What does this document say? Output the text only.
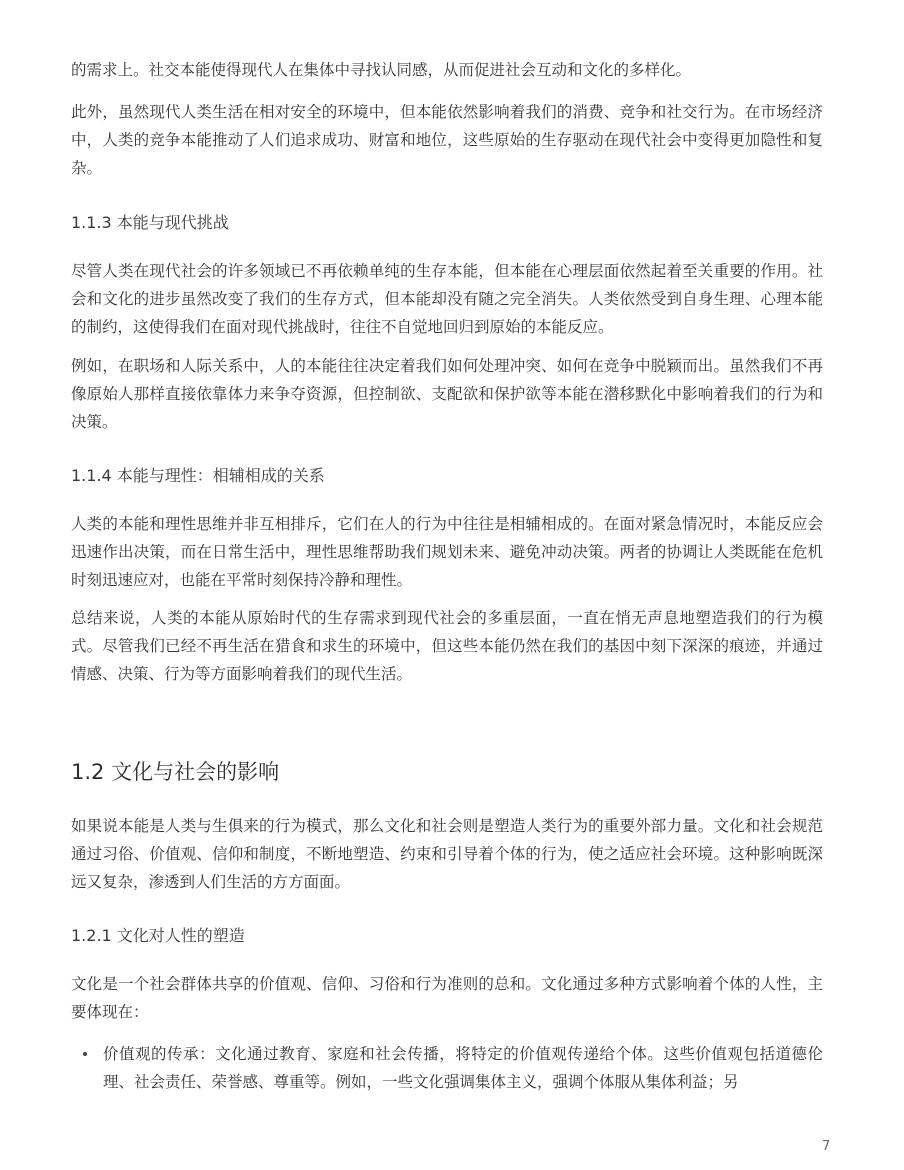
的需求上。社交本能使得现代人在集体中寻找认同感，从而促进社会互动和文化的多样化。

此外，虽然现代人类生活在相对安全的环境中，但本能依然影响着我们的消费、竞争和社交行为。在市场经济中，人类的竞争本能推动了人们追求成功、财富和地位，这些原始的生存驱动在现代社会中变得更加隐性和复杂。

1.1.3 本能与现代挑战

尽管人类在现代社会的许多领域已不再依赖单纯的生存本能，但本能在心理层面依然起着至关重要的作用。社会和文化的进步虽然改变了我们的生存方式，但本能却没有随之完全消失。人类依然受到自身生理、心理本能的制约，这使得我们在面对现代挑战时，往往不自觉地回归到原始的本能反应。

例如，在职场和人际关系中，人的本能往往决定着我们如何处理冲突、如何在竞争中脱颖而出。虽然我们不再像原始人那样直接依靠体力来争夺资源，但控制欲、支配欲和保护欲等本能在潜移默化中影响着我们的行为和决策。

1.1.4 本能与理性：相辅相成的关系

人类的本能和理性思维并非互相排斥，它们在人的行为中往往是相辅相成的。在面对紧急情况时，本能反应会迅速作出决策，而在日常生活中，理性思维帮助我们规划未来、避免冲动决策。两者的协调让人类既能在危机时刻迅速应对，也能在平常时刻保持冷静和理性。

总结来说，人类的本能从原始时代的生存需求到现代社会的多重层面，一直在悄无声息地塑造我们的行为模式。尽管我们已经不再生活在猎食和求生的环境中，但这些本能仍然在我们的基因中刻下深深的痕迹，并通过情感、决策、行为等方面影响着我们的现代生活。

1.2 文化与社会的影响

如果说本能是人类与生俱来的行为模式，那么文化和社会则是塑造人类行为的重要外部力量。文化和社会规范通过习俗、价值观、信仰和制度，不断地塑造、约束和引导着个体的行为，使之适应社会环境。这种影响既深远又复杂，渗透到人们生活的方方面面。

1.2.1 文化对人性的塑造

文化是一个社会群体共享的价值观、信仰、习俗和行为准则的总和。文化通过多种方式影响着个体的人性，主要体现在：

价值观的传承：文化通过教育、家庭和社会传播，将特定的价值观传递给个体。这些价值观包括道德伦理、社会责任、荣誉感、尊重等。例如，一些文化强调集体主义，强调个体服从集体利益；另
7
